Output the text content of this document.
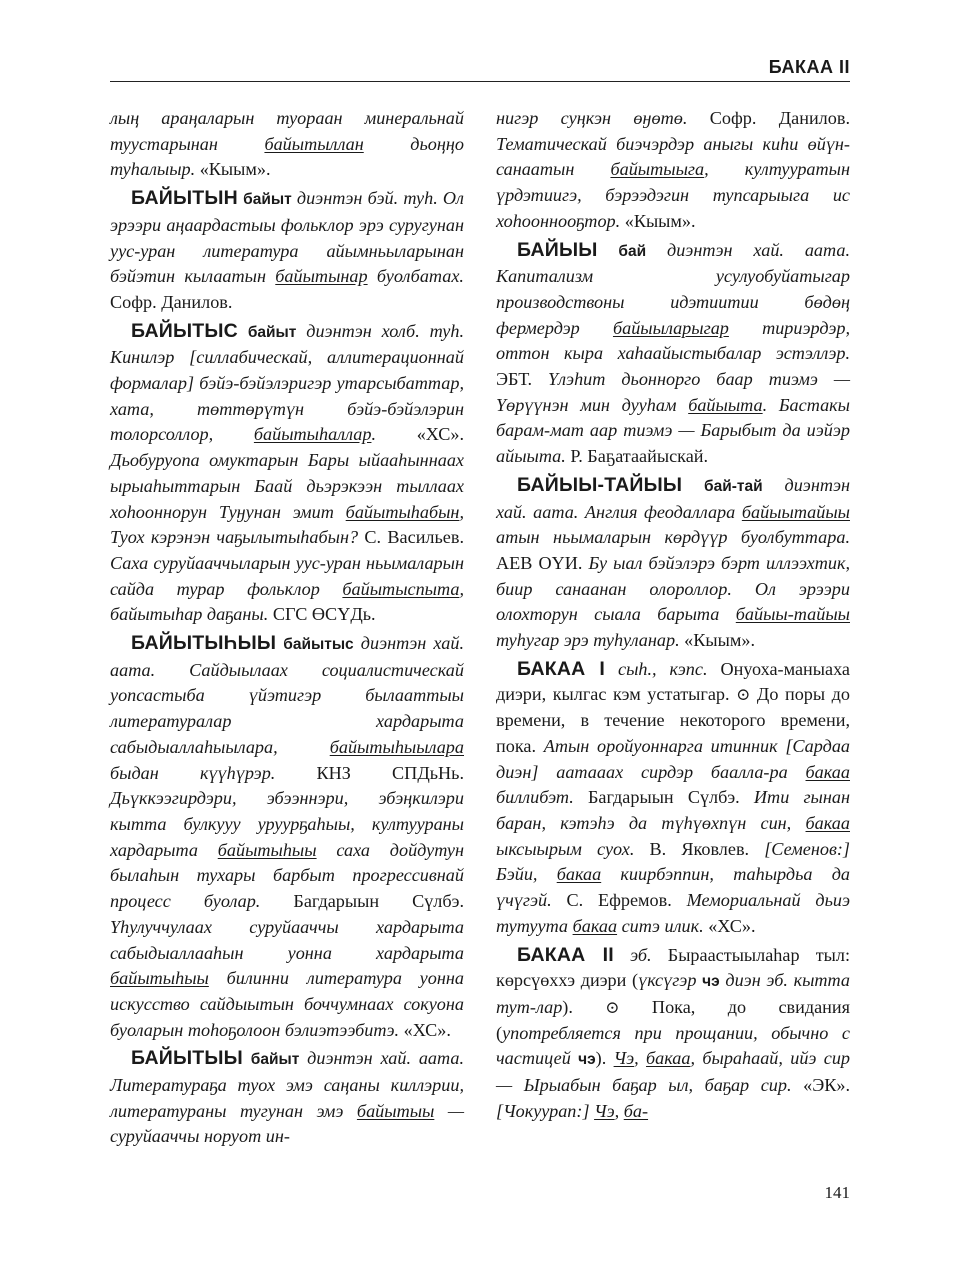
БАКАА II

лыӊ араӊаларын туораан минеральнай туустарынан байытыллан дьоӊӊо туһалыыр. «Кыым».

БАЙЫТЫН байыт диэнтэн бэй. туһ. Ол эрээри аӊаардастыы фольклор эрэ суругунан уус-уран литература айымньыларынан бэйэтин кылаатын байытынар буолбатах. Софр. Данилов.

БАЙЫТЫС байыт диэнтэн холб. туһ. Кинилэр [силлабическай, аллитерационнай формалар] бэйэ-бэйэлэригэр утарсыбаттар, хата, төттөрүтүн бэйэ-бэйэлэрин толорсоллор, байытыһаллар. «ХС». Дьобуруопа омуктарын Бары ыйааһыннаах ырыаһыттарын Баай дьэрэкээн тыллаах хоһооннорун Туӈунан эмит байытыһабын, Туох кэрэнэн чаҕылытыһабын? С. Васильев. Саха суруйааччыларын уус-уран ньымаларын сайда турар фольклор байытыспыта, байытыһар даҕаны. СГС ӨСҮДь.

БАЙЫТЫҺЫЫ байытыс диэнтэн хай. аата. Сайдыылаах социалистическай уопсастыба үйэтигэр былааттыы литературалар хардарыта сабыдыаллаһыылара, байытыһыылара быдан күүһүрэр. КНЗ СПДьНь. Дьүккээгирдэри, эбээннэри, эбэӊкилэри кытта булкууу уруурҕаһыы, култуураны хардарыта байытыһыы саха дойдутун былаһын тухары барбыт прогрессивнай процесс буолар. Багдарыын Сүлбэ. Үһулуччулаах суруйааччы хардарыта сабыдыаллааһын уонна хардарыта байытыһыы билинни литература уонна искусство сайдыытын боччумнаах сокуона буоларын тоһоҕолоон бэлиэтээбитэ. «ХС».

БАЙЫТЫЫ байыт диэнтэн хай. аата. Литератураҕа туох эмэ саӊаны киллэрии, литератураны тугунан эмэ байытыы — суруйааччы норуот ин-

нигэр суӊкэн өӈөтө. Софр. Данилов. Тематическай биэчэрдэр аныгы киһи өйүн-санаатын байытыыга, култууратын үрдэтиигэ, бэрээдэгин тупсарыыга ис хоһооннооҕтор. «Кыым».

БАЙЫЫ бай диэнтэн хай. аата. Капитализм усулуобуйатыгар производствоны идэтиитии бөдөӊ фермердэр байыыларыгар тириэрдэр, оттон кыра хаһаайыстыбалар эстэллэр. ЭБТ. Үлэһит дьоннорго баар тиэмэ — Үөрүүнэн мин дууһам байыыта. Бастакы барам-мат аар тиэмэ — Барыбыт да иэйэр айыыта. Р. Баҕатаайыскай.

БАЙЫЫ-ТАЙЫЫ бай-тай диэнтэн хай. аата. Англия феодаллара байыытайыы атын ньымаларын көрдүүр буолбуттара. АЕВ ОҮИ. Бу ыал бэйэлэрэ бэрт иллээхтик, биир санаанан олороллор. Ол эрээри олохторун сыала барыта байыы-тайыы туһугар эрэ туһуланар. «Кыым».

БАКАА I сыһ., кэпс. Онуоха-маныаха диэри, кылгас кэм устатыгар. ⊙ До поры до времени, в течение некоторого времени, пока. Атын оройуоннарга итинник [Сардаа диэн] аатааах сирдэр баалла-ра бакаа биллибэт. Багдарыын Сүлбэ. Ити гынан баран, кэтэһэ да түһүөхпүн син, бакаа ыксыырым суох. В. Яковлев. [Семенов:] Бэйи, бакаа киирбэппин, таһырдьа да үчүгэй. С. Ефремов. Мемориальнай дьиэ тутуута бакаа ситэ илик. «ХС».

БАКАА II эб. Быраастыылаһар тыл: көрсүөххэ диэри (үксүгэр чэ диэн эб. кытта тут-лар). ⊙ Пока, до свидания (употребляется при прощании, обычно с частицей чэ). Чэ, бакаа, быраһаай, ийэ сир — Ырыабын баҕар ыл, баҕар сир. «ЭК». [Чокуурап:] Чэ, ба-

141
